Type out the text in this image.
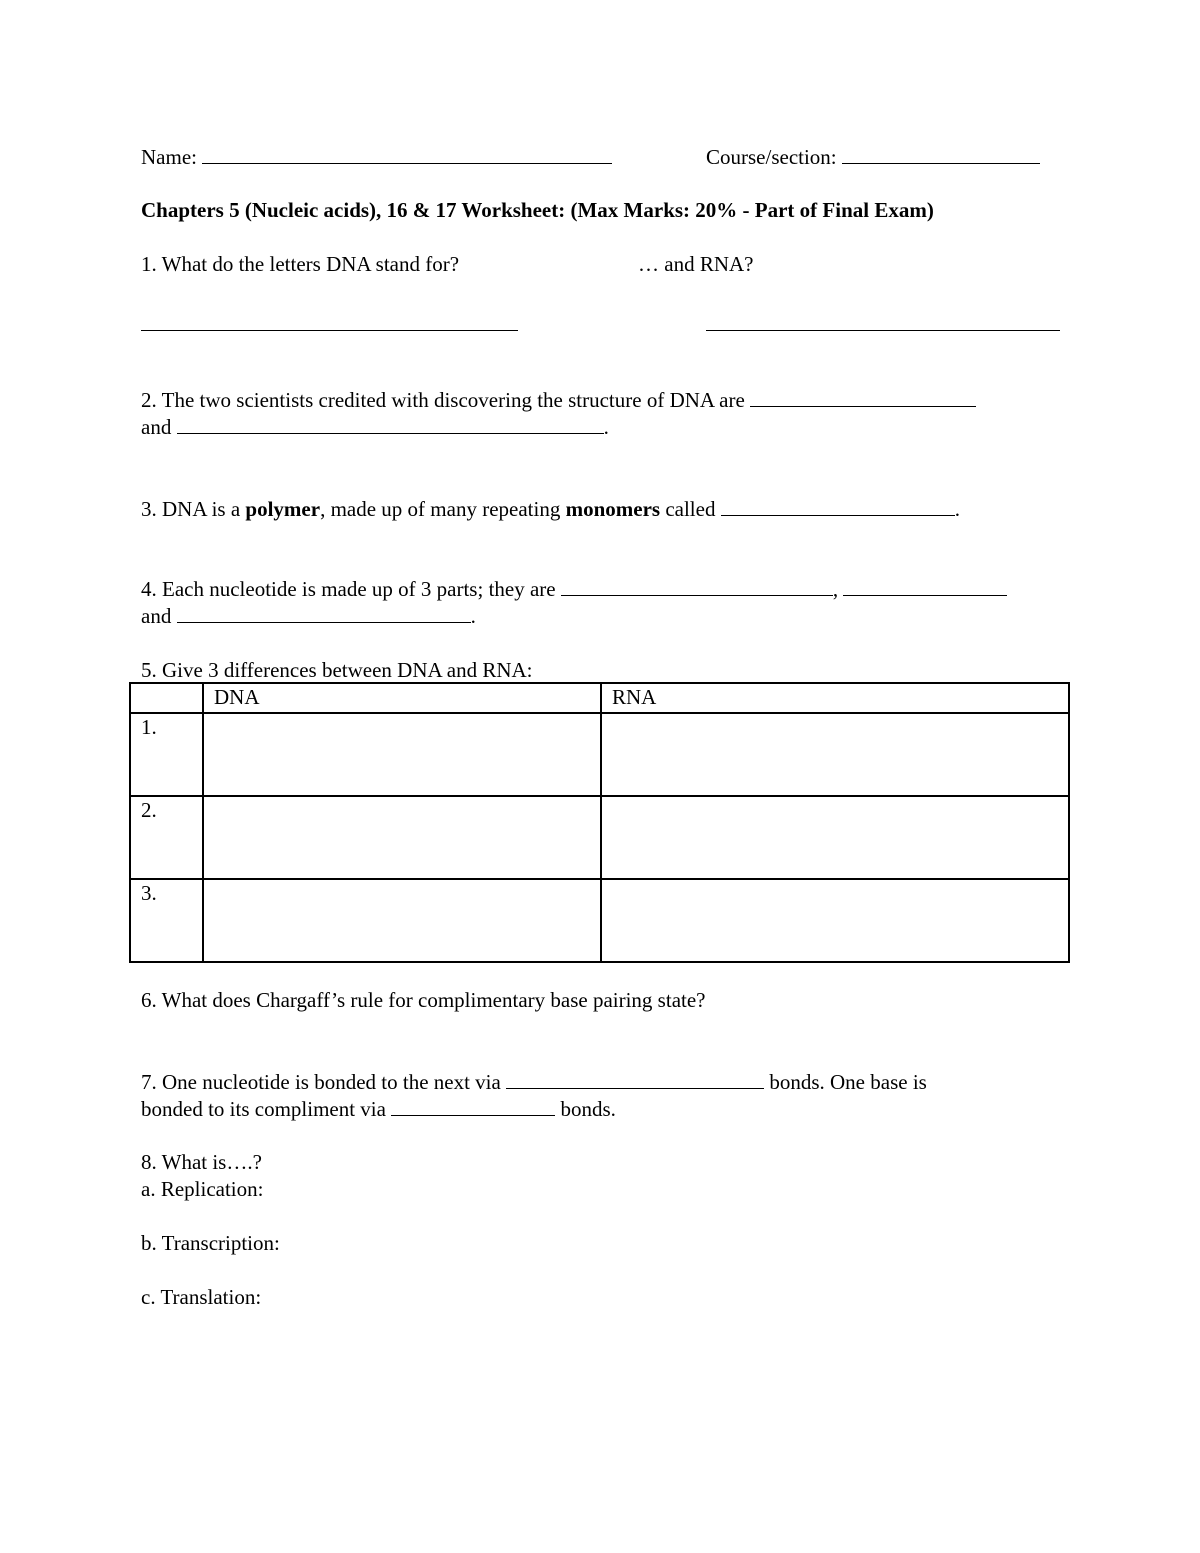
Name:	Course/section:
Chapters 5 (Nucleic acids), 16 & 17 Worksheet: (Max Marks: 20% - Part of Final Exam)
1. What do the letters DNA stand for?	… and RNA?
2. The two scientists credited with discovering the structure of DNA are
and	.
3. DNA is a polymer, made up of many repeating monomers called	.
4. Each nucleotide is made up of 3 parts; they are	,
and	.
5. Give 3 differences between DNA and RNA:
	DNA	RNA
1.		
2.		
3.		
6. What does Chargaff’s rule for complimentary base pairing state?
7. One nucleotide is bonded to the next via	bonds. One base is
bonded to its compliment via	bonds.
8. What is….?
a. Replication:
b. Transcription:
c. Translation:
